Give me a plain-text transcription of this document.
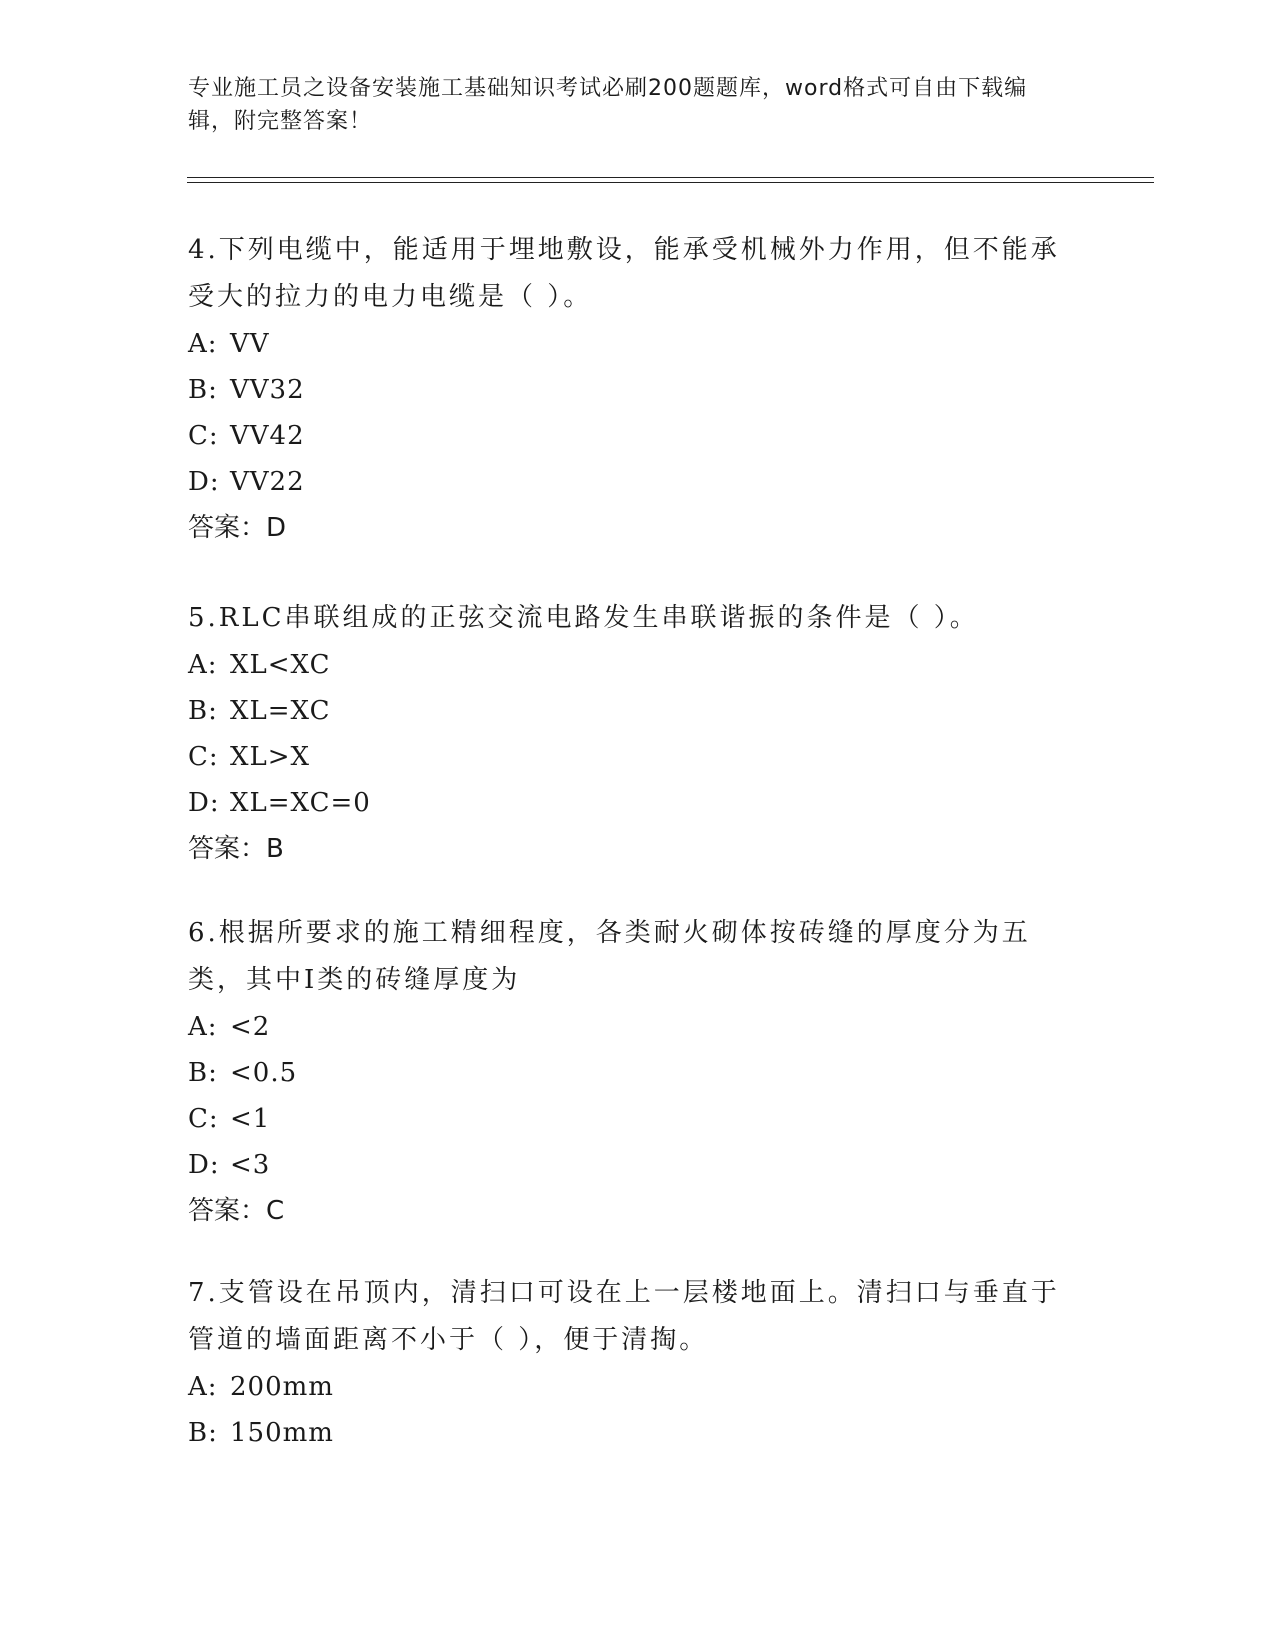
专业施工员之设备安装施工基础知识考试必刷200题题库，word格式可自由下载编辑，附完整答案！

4.下列电缆中，能适用于埋地敷设，能承受机械外力作用，但不能承受大的拉力的电力电缆是（ ）。

A: VV

B: VV32

C: VV42

D: VV22

答案：D

5.RLC串联组成的正弦交流电路发生串联谐振的条件是（ ）。

A: XL<XC

B: XL=XC

C: XL>X

D: XL=XC=0

答案：B

6.根据所要求的施工精细程度，各类耐火砌体按砖缝的厚度分为五类，其中Ⅰ类的砖缝厚度为

A: <2

B: <0.5

C: <1

D: <3

答案：C

7.支管设在吊顶内，清扫口可设在上一层楼地面上。清扫口与垂直于管道的墙面距离不小于（ ），便于清掏。

A: 200mm

B: 150mm
